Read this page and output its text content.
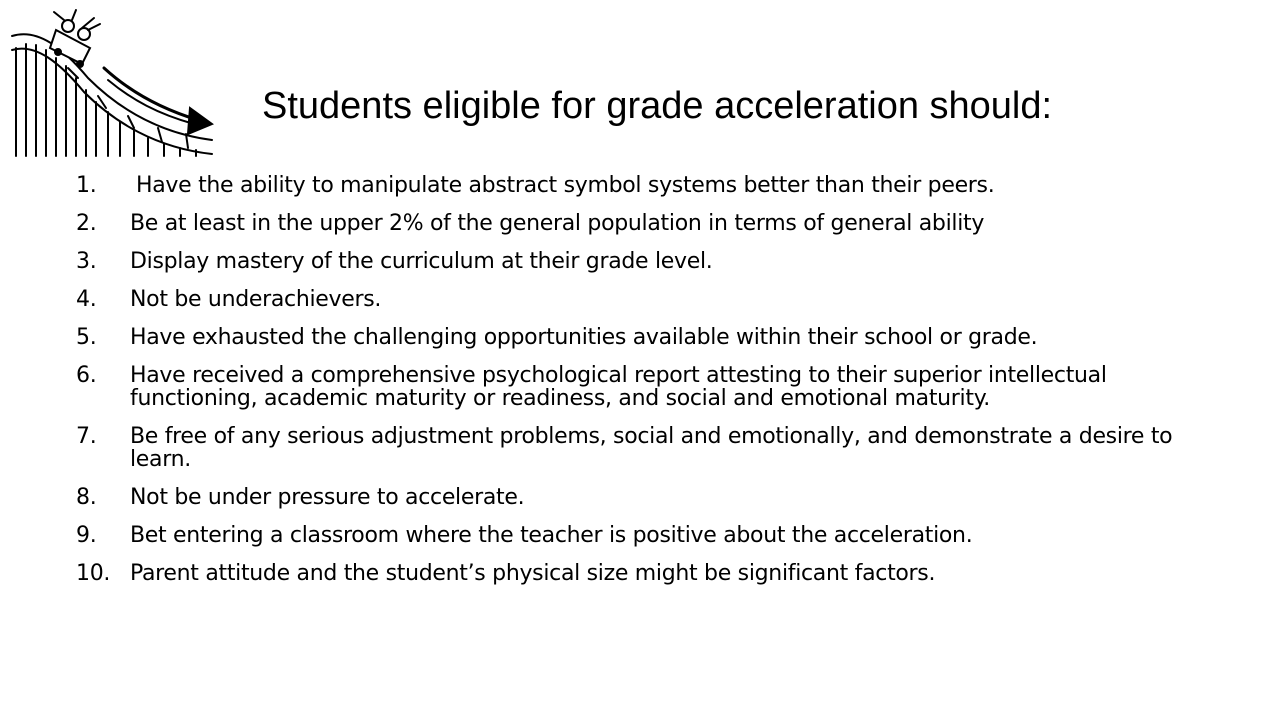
Students eligible for grade acceleration should:
1. Have the ability to manipulate abstract symbol systems better than their peers.
2. Be at least in the upper 2% of the general population in terms of general ability
3. Display mastery of the curriculum at their grade level.
4. Not be underachievers.
5. Have exhausted the challenging opportunities available within their school or grade.
6. Have received a comprehensive psychological report attesting to their superior intellectual functioning, academic maturity or readiness, and social and emotional maturity.
7. Be free of any serious adjustment problems, social and emotionally, and demonstrate a desire to learn.
8. Not be under pressure to accelerate.
9. Bet entering a classroom where the teacher is positive about the acceleration.
10. Parent attitude and the student’s physical size might be significant factors.
